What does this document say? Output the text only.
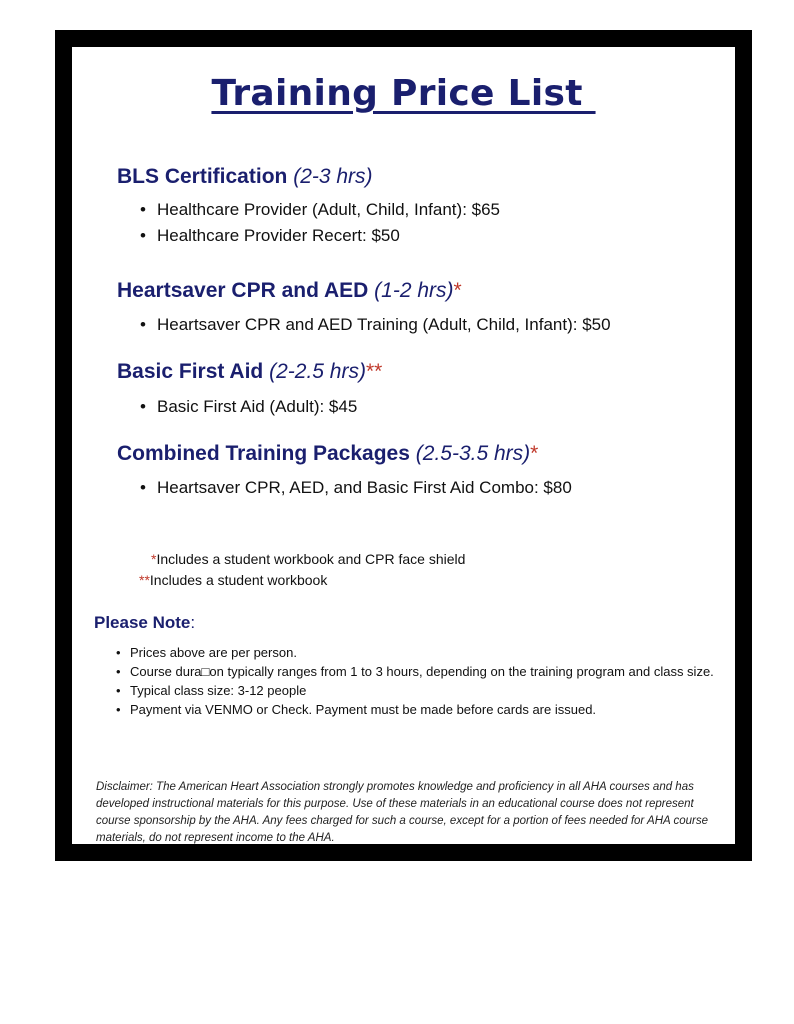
Training Price List
BLS Certification (2-3 hrs)
• Healthcare Provider (Adult, Child, Infant): $65
• Healthcare Provider Recert: $50
Heartsaver CPR and AED (1-2 hrs)*
• Heartsaver CPR and AED Training (Adult, Child, Infant): $50
Basic First Aid (2-2.5 hrs)**
• Basic First Aid (Adult): $45
Combined Training Packages (2.5-3.5 hrs)*
• Heartsaver CPR, AED, and Basic First Aid Combo: $80
*Includes a student workbook and CPR face shield
**Includes a student workbook
Please Note:
• Prices above are per person.
• Course dura□on typically ranges from 1 to 3 hours, depending on the training program and class size.
• Typical class size: 3-12 people
• Payment via VENMO or Check. Payment must be made before cards are issued.
Disclaimer: The American Heart Association strongly promotes knowledge and proficiency in all AHA courses and has developed instructional materials for this purpose. Use of these materials in an educational course does not represent course sponsorship by the AHA. Any fees charged for such a course, except for a portion of fees needed for AHA course materials, do not represent income to the AHA.
